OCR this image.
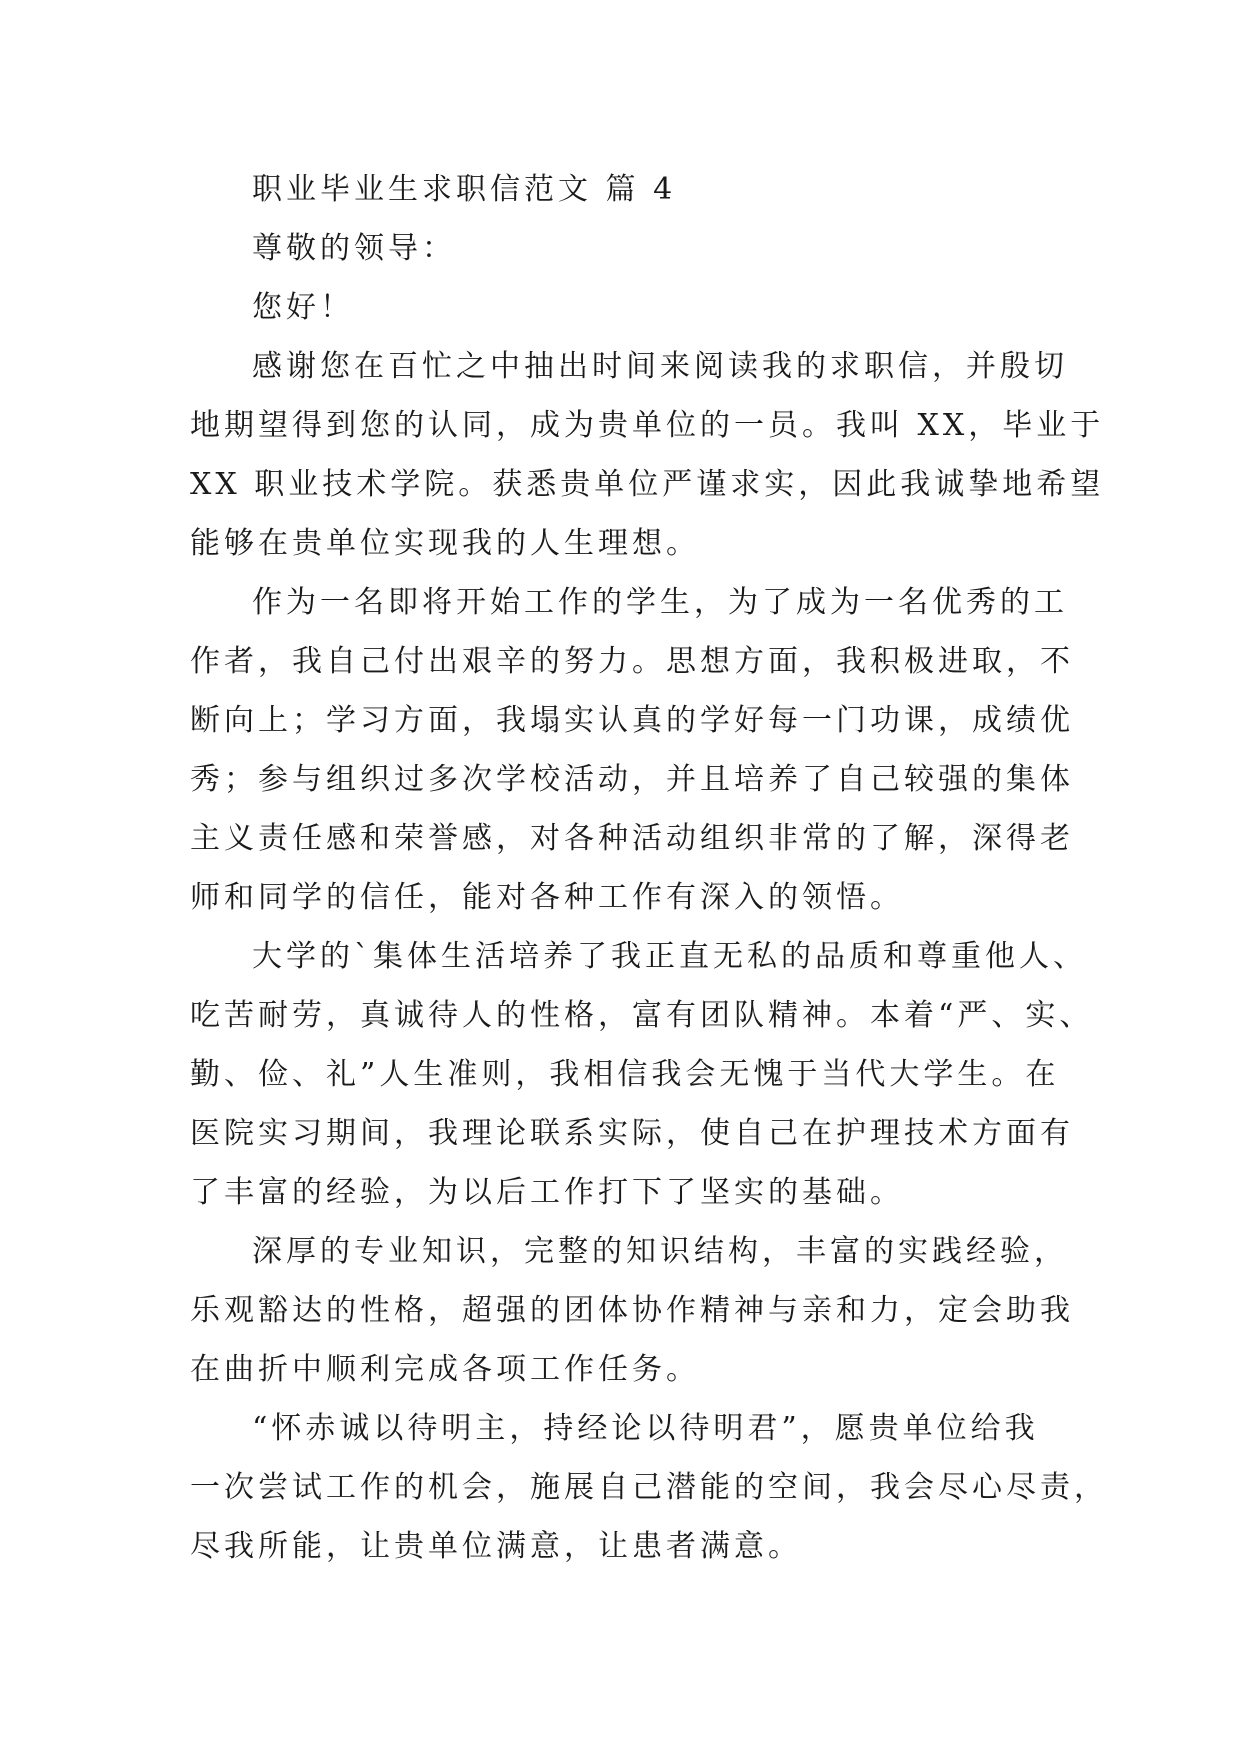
职业毕业生求职信范文 篇 4
尊敬的领导：
您好！
感谢您在百忙之中抽出时间来阅读我的求职信，并殷切
地期望得到您的认同，成为贵单位的一员。我叫 XX，毕业于
XX 职业技术学院。获悉贵单位严谨求实，因此我诚挚地希望
能够在贵单位实现我的人生理想。
作为一名即将开始工作的学生，为了成为一名优秀的工
作者，我自己付出艰辛的努力。思想方面，我积极进取，不
断向上；学习方面，我塌实认真的学好每一门功课，成绩优
秀；参与组织过多次学校活动，并且培养了自己较强的集体
主义责任感和荣誉感，对各种活动组织非常的了解，深得老
师和同学的信任，能对各种工作有深入的领悟。
大学的`集体生活培养了我正直无私的品质和尊重他人、
吃苦耐劳，真诚待人的性格，富有团队精神。本着“严、实、
勤、俭、礼”人生准则，我相信我会无愧于当代大学生。在
医院实习期间，我理论联系实际，使自己在护理技术方面有
了丰富的经验，为以后工作打下了坚实的基础。
深厚的专业知识，完整的知识结构，丰富的实践经验，
乐观豁达的性格，超强的团体协作精神与亲和力，定会助我
在曲折中顺利完成各项工作任务。
“怀赤诚以待明主，持经论以待明君”，愿贵单位给我
一次尝试工作的机会，施展自己潜能的空间，我会尽心尽责，
尽我所能，让贵单位满意，让患者满意。
